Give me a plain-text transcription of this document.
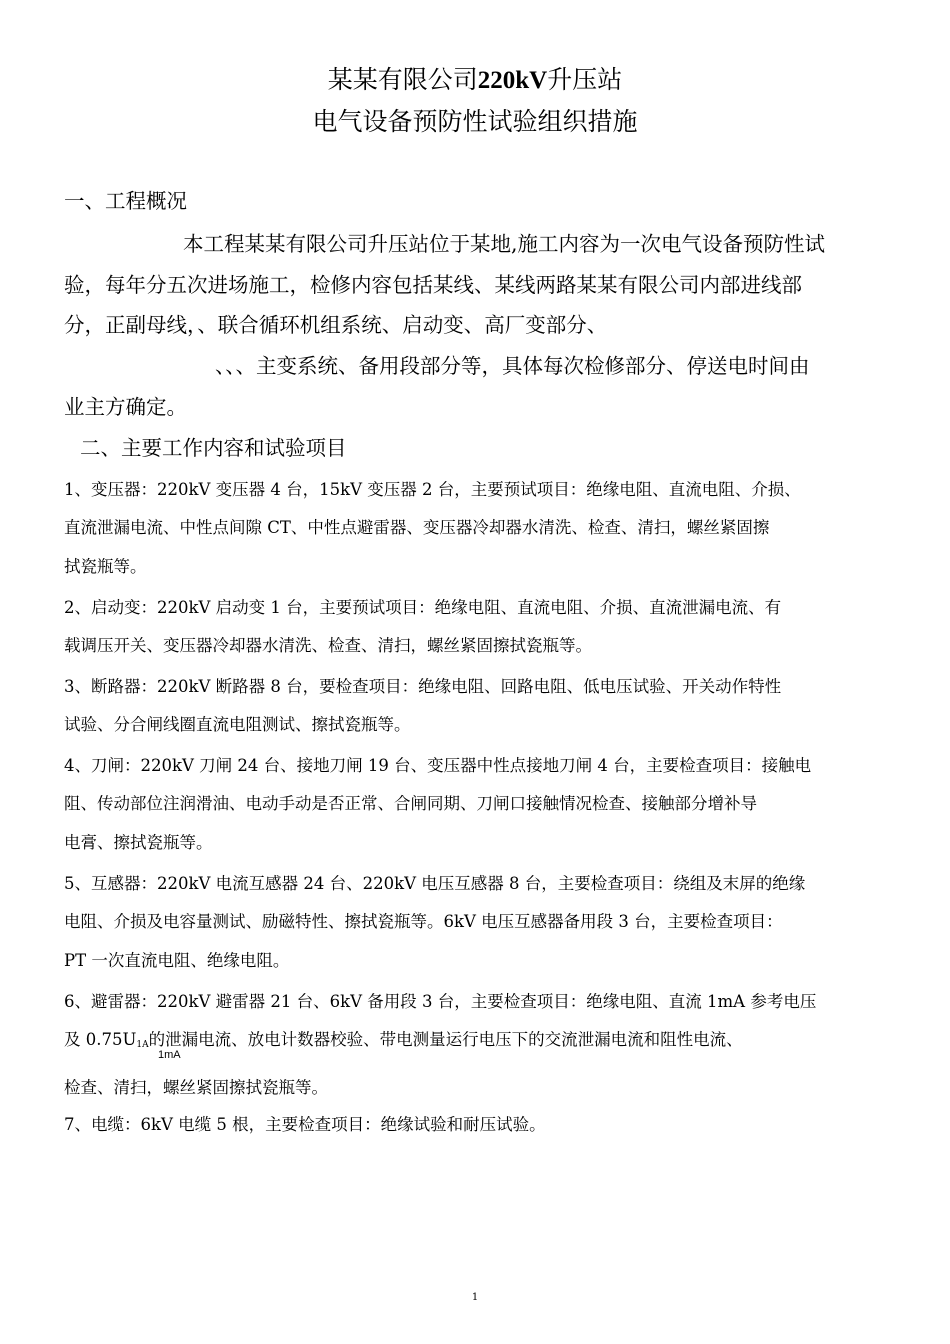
某某有限公司220kV升压站
电气设备预防性试验组织措施
一、工程概况
本工程某某有限公司升压站位于某地,施工内容为一次电气设备预防性试
验，每年分五次进场施工，检修内容包括某线、某线两路某某有限公司内部进线部
分，正副母线，、联合循环机组系统、启动变、高厂变部分、
、、、主变系统、备用段部分等，具体每次检修部分、停送电时间由
业主方确定。
二、主要工作内容和试验项目
1、变压器：220kV 变压器 4 台，15kV 变压器 2 台，主要预试项目：绝缘电阻、直流电阻、介损、
直流泄漏电流、中性点间隙 CT、中性点避雷器、变压器冷却器水清洗、检查、清扫，螺丝紧固擦
拭瓷瓶等。
2、启动变：220kV 启动变 1 台，主要预试项目：绝缘电阻、直流电阻、介损、直流泄漏电流、有
载调压开关、变压器冷却器水清洗、检查、清扫，螺丝紧固擦拭瓷瓶等。
3、断路器：220kV 断路器 8 台，要检查项目：绝缘电阻、回路电阻、低电压试验、开关动作特性
试验、分合闸线圈直流电阻测试、擦拭瓷瓶等。
4、刀闸：220kV 刀闸 24 台、接地刀闸 19 台、变压器中性点接地刀闸 4 台，主要检查项目：接触电
阻、传动部位注润滑油、电动手动是否正常、合闸同期、刀闸口接触情况检查、接触部分增补导
电膏、擦拭瓷瓶等。
5、互感器：220kV 电流互感器 24 台、220kV 电压互感器 8 台，主要检查项目：绕组及末屏的绝缘
电阻、介损及电容量测试、励磁特性、擦拭瓷瓶等。6kV 电压互感器备用段 3 台，主要检查项目：
PT 一次直流电阻、绝缘电阻。
6、避雷器：220kV 避雷器 21 台、6kV 备用段 3 台，主要检查项目：绝缘电阻、直流 1mA 参考电压
及 $0.75U_{1A}$的泄漏电流、放电计数器校验、带电测量运行电压下的交流泄漏电流和阻性电流、
1mA
检查、清扫，螺丝紧固擦拭瓷瓶等。
7、电缆：6kV 电缆 5 根，主要检查项目：绝缘试验和耐压试验。
1
